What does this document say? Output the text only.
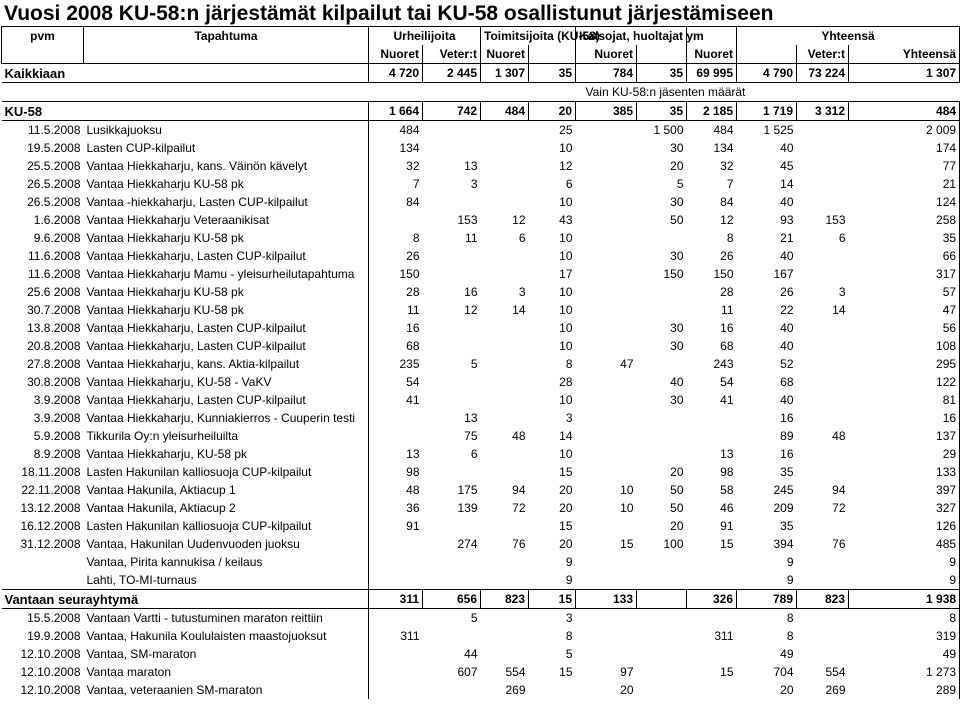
Vuosi 2008 KU-58:n järjestämät kilpailut tai KU-58 osallistunut järjestämiseen
pvm	Tapahtuma	Urheilijoita		Toimitsijoita (KU-58)		Katsojat, huoltajat ym			Yhteensä			
		Nuoret	Veter:t	Nuoret		Nuoret		Nuoret		Veter:t	Yhteensä	
Kaikkiaan		4 720	2 445	1 307	35	784	35	69 995	4 790	73 224	1 307	
						Vain KU-58:n jäsenten määrät						
KU-58		1 664	742	484	20	385	35	2 185	1 719	3 312	484	
11.5.2008	Lusikkajuoksu	484			25		1 500	484	1 525		2 009	
19.5.2008	Lasten CUP-kilpailut	134			10		30	134	40		174	
25.5.2008	Vantaa Hiekkaharju, kans. Väinön kävelyt	32	13		12		20	32	45		77	
26.5.2008	Vantaa Hiekkaharju KU-58 pk	7	3		6		5	7	14		21	
26.5.2008	Vantaa -hiekkaharju, Lasten CUP-kilpailut	84			10		30	84	40		124	
1.6.2008	Vantaa Hiekkaharju Veteraanikisat		153	12	43		50	12	93	153	258	
9.6.2008	Vantaa Hiekkaharju KU-58 pk	8	11	6	10			8	21	6	35	
11.6.2008	Vantaa Hiekkaharju, Lasten CUP-kilpailut	26			10		30	26	40		66	
11.6.2008	Vantaa Hiekkaharju Mamu - yleisurheilutapahtuma	150			17		150	150	167		317	
25.6 2008	Vantaa Hiekkaharju KU-58 pk	28	16	3	10			28	26	3	57	
30.7.2008	Vantaa Hiekkaharju KU-58 pk	11	12	14	10			11	22	14	47	
13.8.2008	Vantaa Hiekkaharju, Lasten CUP-kilpailut	16			10		30	16	40		56	
20.8.2008	Vantaa Hiekkaharju, Lasten CUP-kilpailut	68			10		30	68	40		108	
27.8.2008	Vantaa Hiekkaharju, kans. Aktia-kilpailut	235	5		8	47		243	52		295	
30.8.2008	Vantaa Hiekkaharju, KU-58 - VaKV	54			28		40	54	68		122	
3.9.2008	Vantaa Hiekkaharju, Lasten CUP-kilpailut	41			10		30	41	40		81	
3.9.2008	Vantaa Hiekkaharju, Kunniakierros - Cuuperin testi		13		3				16		16	
5.9.2008	Tikkurila Oy:n yleisurheiluilta		75	48	14				89	48	137	
8.9.2008	Vantaa Hiekkaharju, KU-58 pk	13	6		10			13	16		29	
18.11.2008	Lasten Hakunilan kalliosuoja CUP-kilpailut	98			15		20	98	35		133	
22.11.2008	Vantaa Hakunila, Aktiacup 1	48	175	94	20	10	50	58	245	94	397	
13.12.2008	Vantaa Hakunila, Aktiacup 2	36	139	72	20	10	50	46	209	72	327	
16.12.2008	Lasten Hakunilan kalliosuoja CUP-kilpailut	91			15		20	91	35		126	
31.12.2008	Vantaa, Hakunilan Uudenvuoden juoksu		274	76	20	15	100	15	394	76	485	
	Vantaa, Pirita kannukisa / keilaus				9				9		9	
	Lahti, TO-MI-turnaus				9				9		9	
Vantaan seurayhtymä		311	656	823	15	133		326	789	823	1 938	
15.5.2008	Vantaan Vartti - tutustuminen maraton reittiin		5		3				8		8	
19.9.2008	Vantaa, Hakunila Koululaisten maastojuoksut	311			8			311	8		319	
12.10.2008	Vantaa, SM-maraton		44		5				49		49	
12.10.2008	Vantaa maraton		607	554	15	97		15	704	554	1 273	
12.10.2008	Vantaa, veteraanien SM-maraton			269		20			20	269	289	
